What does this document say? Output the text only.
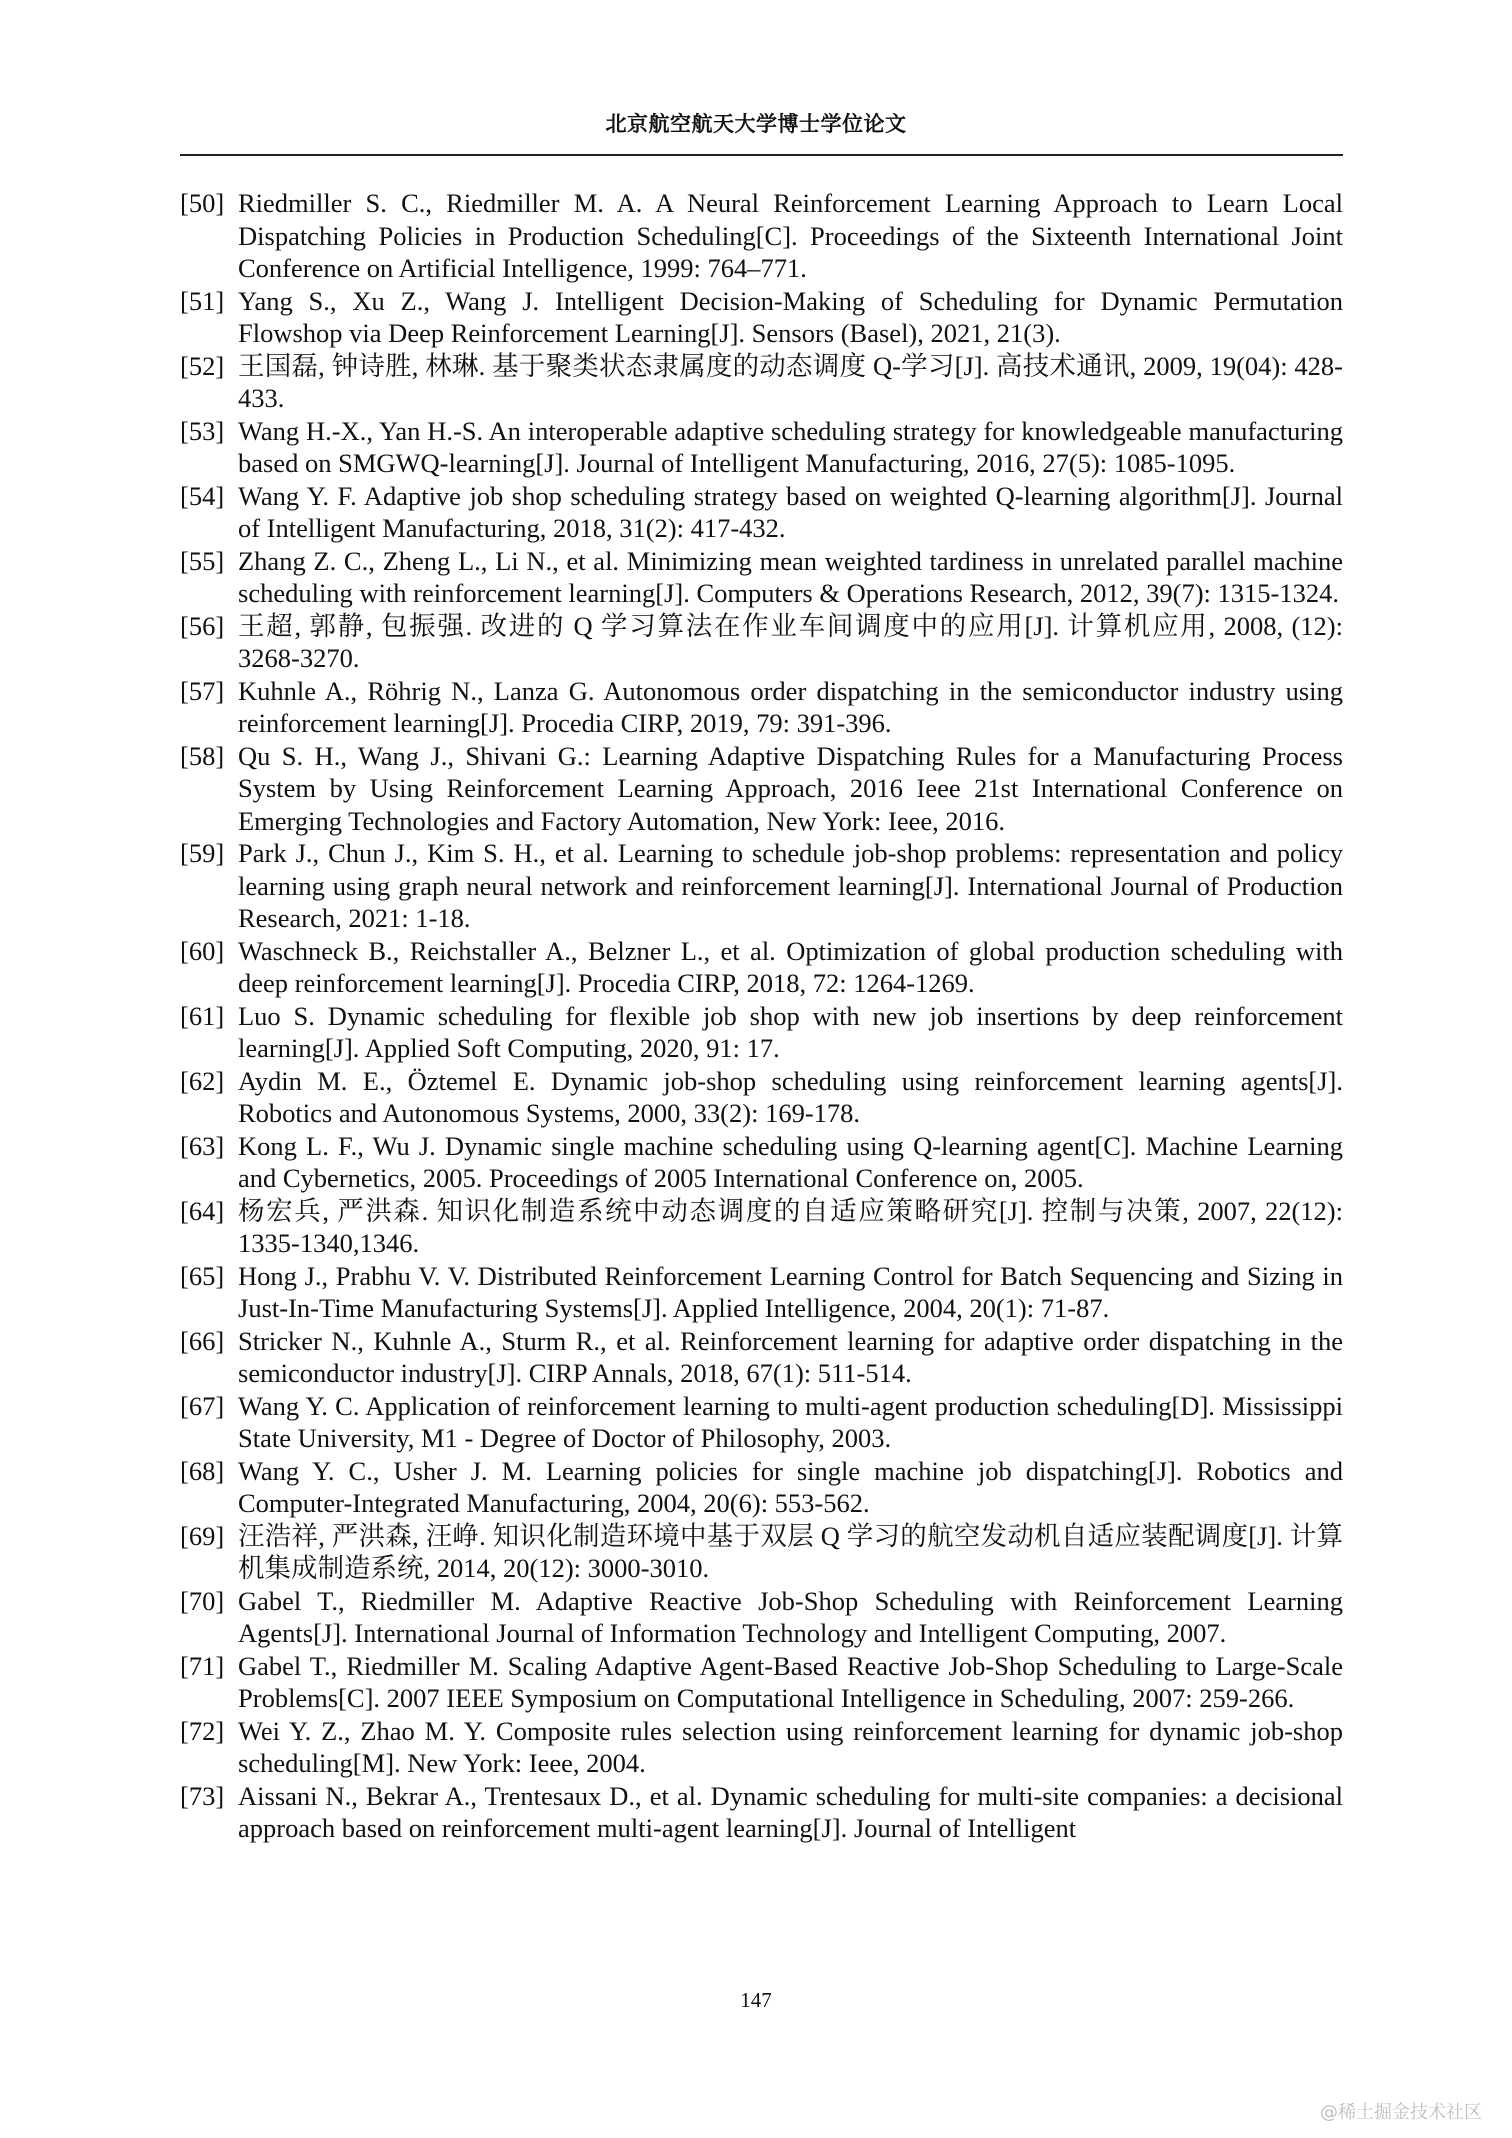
北京航空航天大学博士学位论文
[50] Riedmiller S. C., Riedmiller M. A. A Neural Reinforcement Learning Approach to Learn Local Dispatching Policies in Production Scheduling[C]. Proceedings of the Sixteenth International Joint Conference on Artificial Intelligence, 1999: 764–771.
[51] Yang S., Xu Z., Wang J. Intelligent Decision-Making of Scheduling for Dynamic Permutation Flowshop via Deep Reinforcement Learning[J]. Sensors (Basel), 2021, 21(3).
[52] 王国磊, 钟诗胜, 林琳. 基于聚类状态隶属度的动态调度 Q-学习[J]. 高技术通讯, 2009, 19(04): 428-433.
[53] Wang H.-X., Yan H.-S. An interoperable adaptive scheduling strategy for knowledgeable manufacturing based on SMGWQ-learning[J]. Journal of Intelligent Manufacturing, 2016, 27(5): 1085-1095.
[54] Wang Y. F. Adaptive job shop scheduling strategy based on weighted Q-learning algorithm[J]. Journal of Intelligent Manufacturing, 2018, 31(2): 417-432.
[55] Zhang Z. C., Zheng L., Li N., et al. Minimizing mean weighted tardiness in unrelated parallel machine scheduling with reinforcement learning[J]. Computers & Operations Research, 2012, 39(7): 1315-1324.
[56] 王超, 郭静, 包振强. 改进的 Q 学习算法在作业车间调度中的应用[J]. 计算机应用, 2008, (12): 3268-3270.
[57] Kuhnle A., Röhrig N., Lanza G. Autonomous order dispatching in the semiconductor industry using reinforcement learning[J]. Procedia CIRP, 2019, 79: 391-396.
[58] Qu S. H., Wang J., Shivani G.: Learning Adaptive Dispatching Rules for a Manufacturing Process System by Using Reinforcement Learning Approach, 2016 Ieee 21st International Conference on Emerging Technologies and Factory Automation, New York: Ieee, 2016.
[59] Park J., Chun J., Kim S. H., et al. Learning to schedule job-shop problems: representation and policy learning using graph neural network and reinforcement learning[J]. International Journal of Production Research, 2021: 1-18.
[60] Waschneck B., Reichstaller A., Belzner L., et al. Optimization of global production scheduling with deep reinforcement learning[J]. Procedia CIRP, 2018, 72: 1264-1269.
[61] Luo S. Dynamic scheduling for flexible job shop with new job insertions by deep reinforcement learning[J]. Applied Soft Computing, 2020, 91: 17.
[62] Aydin M. E., Öztemel E. Dynamic job-shop scheduling using reinforcement learning agents[J]. Robotics and Autonomous Systems, 2000, 33(2): 169-178.
[63] Kong L. F., Wu J. Dynamic single machine scheduling using Q-learning agent[C]. Machine Learning and Cybernetics, 2005. Proceedings of 2005 International Conference on, 2005.
[64] 杨宏兵, 严洪森. 知识化制造系统中动态调度的自适应策略研究[J]. 控制与决策, 2007, 22(12): 1335-1340,1346.
[65] Hong J., Prabhu V. V. Distributed Reinforcement Learning Control for Batch Sequencing and Sizing in Just-In-Time Manufacturing Systems[J]. Applied Intelligence, 2004, 20(1): 71-87.
[66] Stricker N., Kuhnle A., Sturm R., et al. Reinforcement learning for adaptive order dispatching in the semiconductor industry[J]. CIRP Annals, 2018, 67(1): 511-514.
[67] Wang Y. C. Application of reinforcement learning to multi-agent production scheduling[D]. Mississippi State University, M1 - Degree of Doctor of Philosophy, 2003.
[68] Wang Y. C., Usher J. M. Learning policies for single machine job dispatching[J]. Robotics and Computer-Integrated Manufacturing, 2004, 20(6): 553-562.
[69] 汪浩祥, 严洪森, 汪峥. 知识化制造环境中基于双层 Q 学习的航空发动机自适应装配调度[J]. 计算机集成制造系统, 2014, 20(12): 3000-3010.
[70] Gabel T., Riedmiller M. Adaptive Reactive Job-Shop Scheduling with Reinforcement Learning Agents[J]. International Journal of Information Technology and Intelligent Computing, 2007.
[71] Gabel T., Riedmiller M. Scaling Adaptive Agent-Based Reactive Job-Shop Scheduling to Large-Scale Problems[C]. 2007 IEEE Symposium on Computational Intelligence in Scheduling, 2007: 259-266.
[72] Wei Y. Z., Zhao M. Y. Composite rules selection using reinforcement learning for dynamic job-shop scheduling[M]. New York: Ieee, 2004.
[73] Aissani N., Bekrar A., Trentesaux D., et al. Dynamic scheduling for multi-site companies: a decisional approach based on reinforcement multi-agent learning[J]. Journal of Intelligent
147
@稀土掘金技术社区
